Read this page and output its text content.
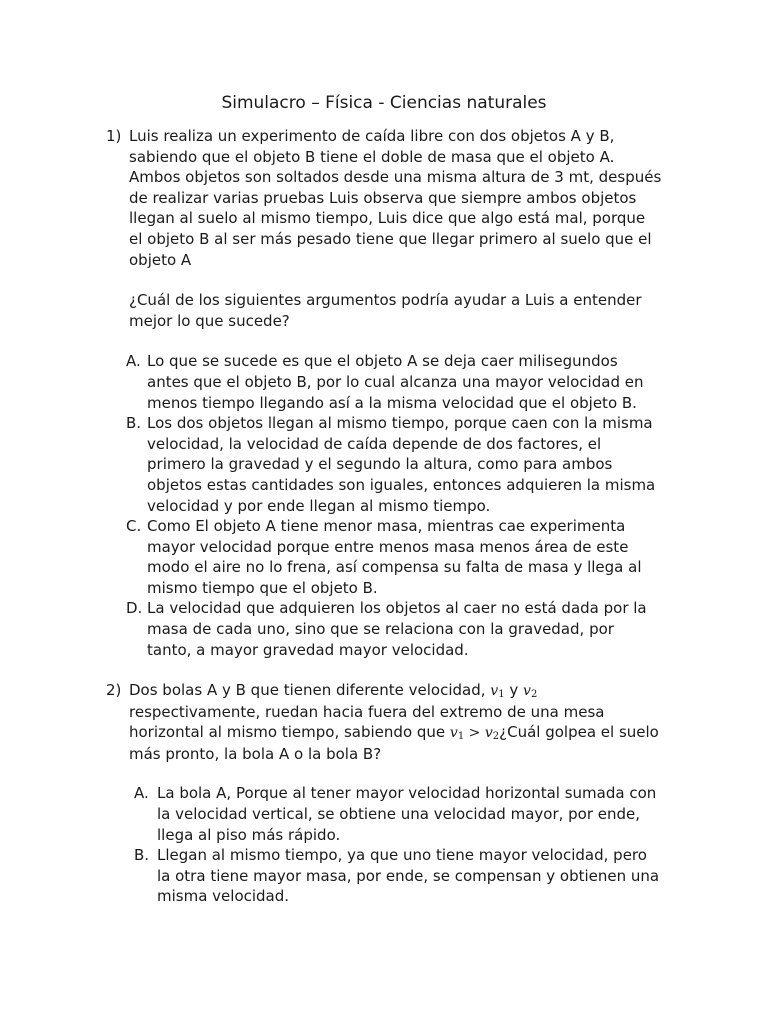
Simulacro – Física - Ciencias naturales
1) Luis realiza un experimento de caída libre con dos objetos A y B, sabiendo que el objeto B tiene el doble de masa que el objeto A. Ambos objetos son soltados desde una misma altura de 3 mt, después de realizar varias pruebas Luis observa que siempre ambos objetos llegan al suelo al mismo tiempo, Luis dice que algo está mal, porque el objeto B al ser más pesado tiene que llegar primero al suelo que el objeto A
¿Cuál de los siguientes argumentos podría ayudar a Luis a entender mejor lo que sucede?
A. Lo que se sucede es que el objeto A se deja caer milisegundos antes que el objeto B, por lo cual alcanza una mayor velocidad en menos tiempo llegando así a la misma velocidad que el objeto B.
B. Los dos objetos llegan al mismo tiempo, porque caen con la misma velocidad, la velocidad de caída depende de dos factores, el primero la gravedad y el segundo la altura, como para ambos objetos estas cantidades son iguales, entonces adquieren la misma velocidad y por ende llegan al mismo tiempo.
C. Como El objeto A tiene menor masa, mientras cae experimenta mayor velocidad porque entre menos masa menos área de este modo el aire no lo frena, así compensa su falta de masa y llega al mismo tiempo que el objeto B.
D. La velocidad que adquieren los objetos al caer no está dada por la masa de cada uno, sino que se relaciona con la gravedad, por tanto, a mayor gravedad mayor velocidad.
2) Dos bolas A y B que tienen diferente velocidad, $v_1$ y $v_2$ respectivamente, ruedan hacia fuera del extremo de una mesa horizontal al mismo tiempo, sabiendo que $v_1$ > $v_2¿Cuál$ golpea el suelo más pronto, la bola A o la bola B?
A. La bola A, Porque al tener mayor velocidad horizontal sumada con la velocidad vertical, se obtiene una velocidad mayor, por ende, llega al piso más rápido.
B. Llegan al mismo tiempo, ya que uno tiene mayor velocidad, pero la otra tiene mayor masa, por ende, se compensan y obtienen una misma velocidad.
